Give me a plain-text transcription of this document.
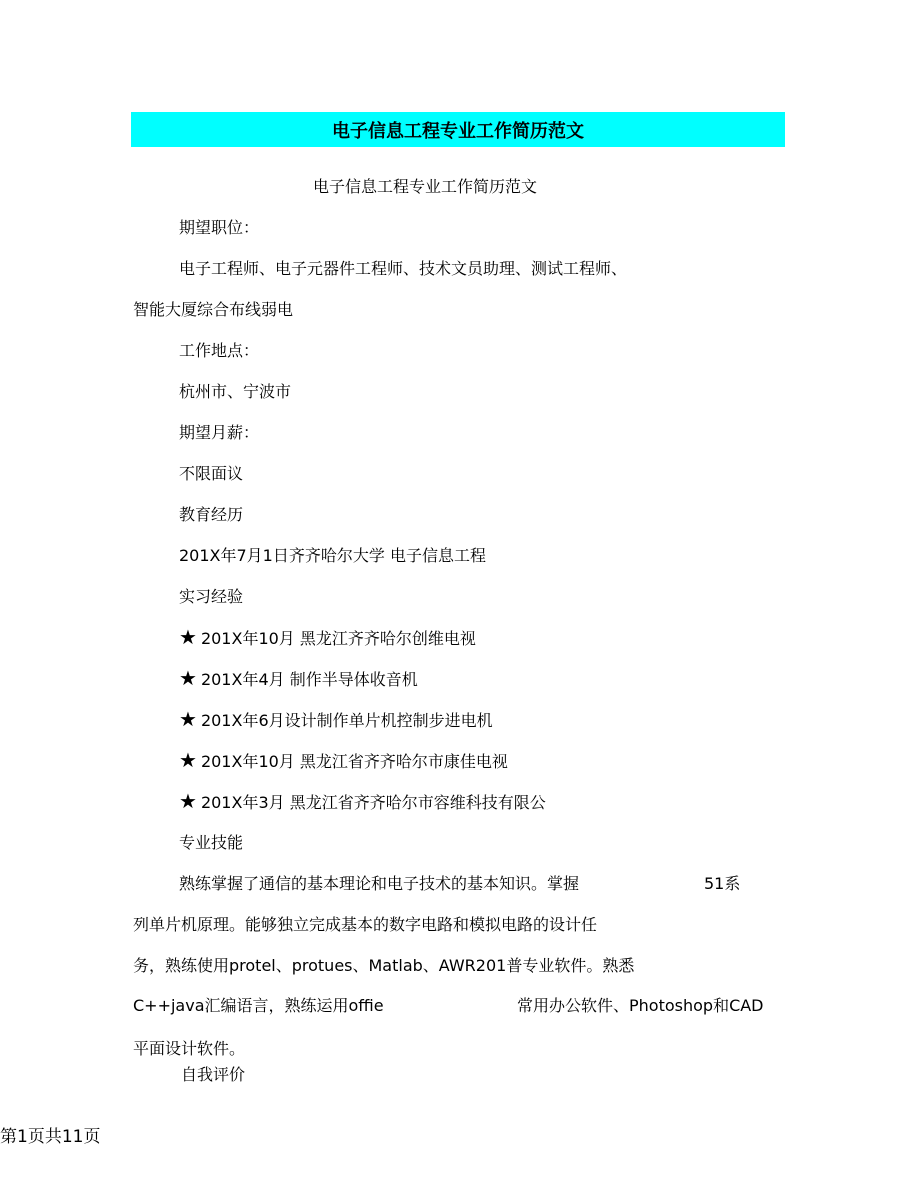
电子信息工程专业工作简历范文
电子信息工程专业工作简历范文
期望职位：
电子工程师、电子元器件工程师、技术文员助理、测试工程师、
智能大厦综合布线弱电
工作地点：
杭州市、宁波市
期望月薪：
不限面议
教育经历
201X年7月1日齐齐哈尔大学 电子信息工程
实习经验
★ 201X年10月 黑龙江齐齐哈尔创维电视
★ 201X年4月 制作半导体收音机
★ 201X年6月设计制作单片机控制步进电机
★ 201X年10月 黑龙江省齐齐哈尔市康佳电视
★ 201X年3月 黑龙江省齐齐哈尔市容维科技有限公
专业技能
熟练掌握了通信的基本理论和电子技术的基本知识。掌握	51系
列单片机原理。能够独立完成基本的数字电路和模拟电路的设计任
务，熟练使用protel、protues、Matlab、AWR201普专业软件。熟悉
C++java汇编语言，熟练运用offie	常用办公软件、Photoshop和CAD
平面设计软件。
自我评价
第1页共11页
